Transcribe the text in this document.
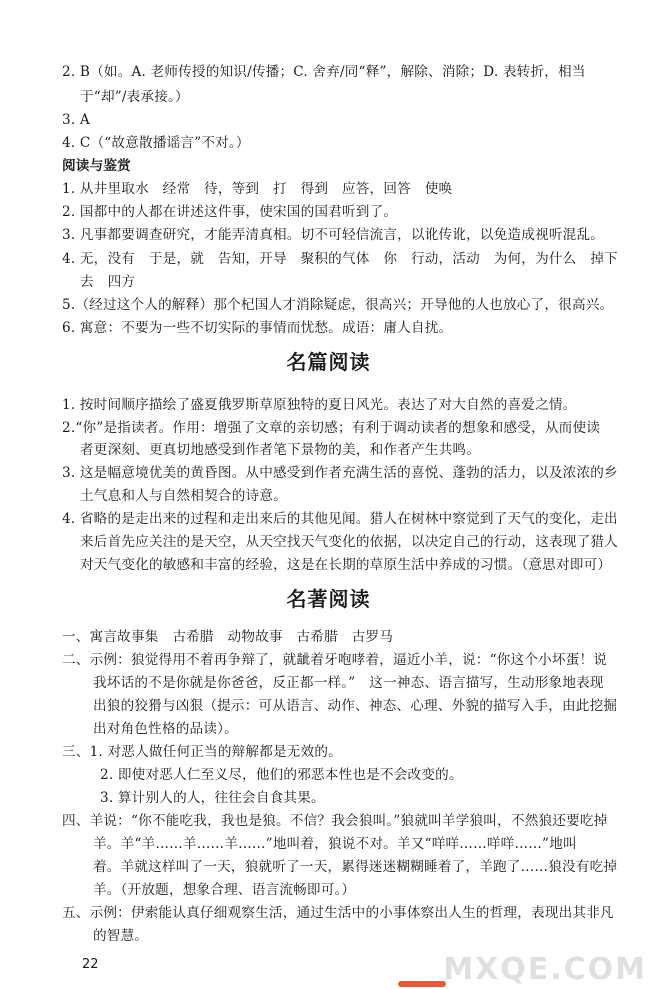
2. B（如。A. 老师传授的知识/传播；C. 舍弃/同“释”，解除、消除；D. 表转折，相当
于“却”/表承接。）
3. A
4. C（“故意散播谣言”不对。）
阅读与鉴赏
1. 从井里取水　经常　待，等到　打　得到　应答，回答　使唤
2. 国都中的人都在讲述这件事，使宋国的国君听到了。
3. 凡事都要调查研究，才能弄清真相。切不可轻信流言，以讹传讹，以免造成视听混乱。
4. 无，没有　于是，就　告知，开导　聚积的气体　你　行动，活动　为何，为什么　掉下
去　四方
5.（经过这个人的解释）那个杞国人才消除疑虑，很高兴；开导他的人也放心了，很高兴。
6. 寓意：不要为一些不切实际的事情而忧愁。成语：庸人自扰。
名篇阅读
1. 按时间顺序描绘了盛夏俄罗斯草原独特的夏日风光。表达了对大自然的喜爱之情。
2.“你”是指读者。作用：增强了文章的亲切感；有利于调动读者的想象和感受，从而使读
者更深刻、更真切地感受到作者笔下景物的美，和作者产生共鸣。
3. 这是幅意境优美的黄昏图。从中感受到作者充满生活的喜悦、蓬勃的活力，以及浓浓的乡
土气息和人与自然相契合的诗意。
4. 省略的是走出来的过程和走出来后的其他见闻。猎人在树林中察觉到了天气的变化，走出
来后首先应关注的是天空，从天空找天气变化的依据，以决定自己的行动，这表现了猎人
对天气变化的敏感和丰富的经验，这是在长期的草原生活中养成的习惯。（意思对即可）
名著阅读
一、寓言故事集　古希腊　动物故事　古希腊　古罗马
二、示例：狼觉得用不着再争辩了，就龇着牙咆哮着，逼近小羊，说：“你这个小坏蛋！说
我坏话的不是你就是你爸爸，反正都一样。”　这一神态、语言描写，生动形象地表现
出狼的狡猾与凶狠（提示：可从语言、动作、神态、心理、外貌的描写入手，由此挖掘
出对角色性格的品读）。
三、1. 对恶人做任何正当的辩解都是无效的。
2. 即使对恶人仁至义尽，他们的邪恶本性也是不会改变的。
3. 算计别人的人，往往会自食其果。
四、羊说：“你不能吃我，我也是狼。不信？我会狼叫。”狼就叫羊学狼叫，不然狼还要吃掉
羊。羊“羊……羊……羊……”地叫着，狼说不对。羊又“咩咩……咩咩……”地叫
着。羊就这样叫了一天，狼就听了一天，累得迷迷糊糊睡着了，羊跑了……狼没有吃掉
羊。（开放题，想象合理、语言流畅即可。）
五、示例：伊索能认真仔细观察生活，通过生活中的小事体察出人生的哲理，表现出其非凡
的智慧。
22	MXQE.COM
